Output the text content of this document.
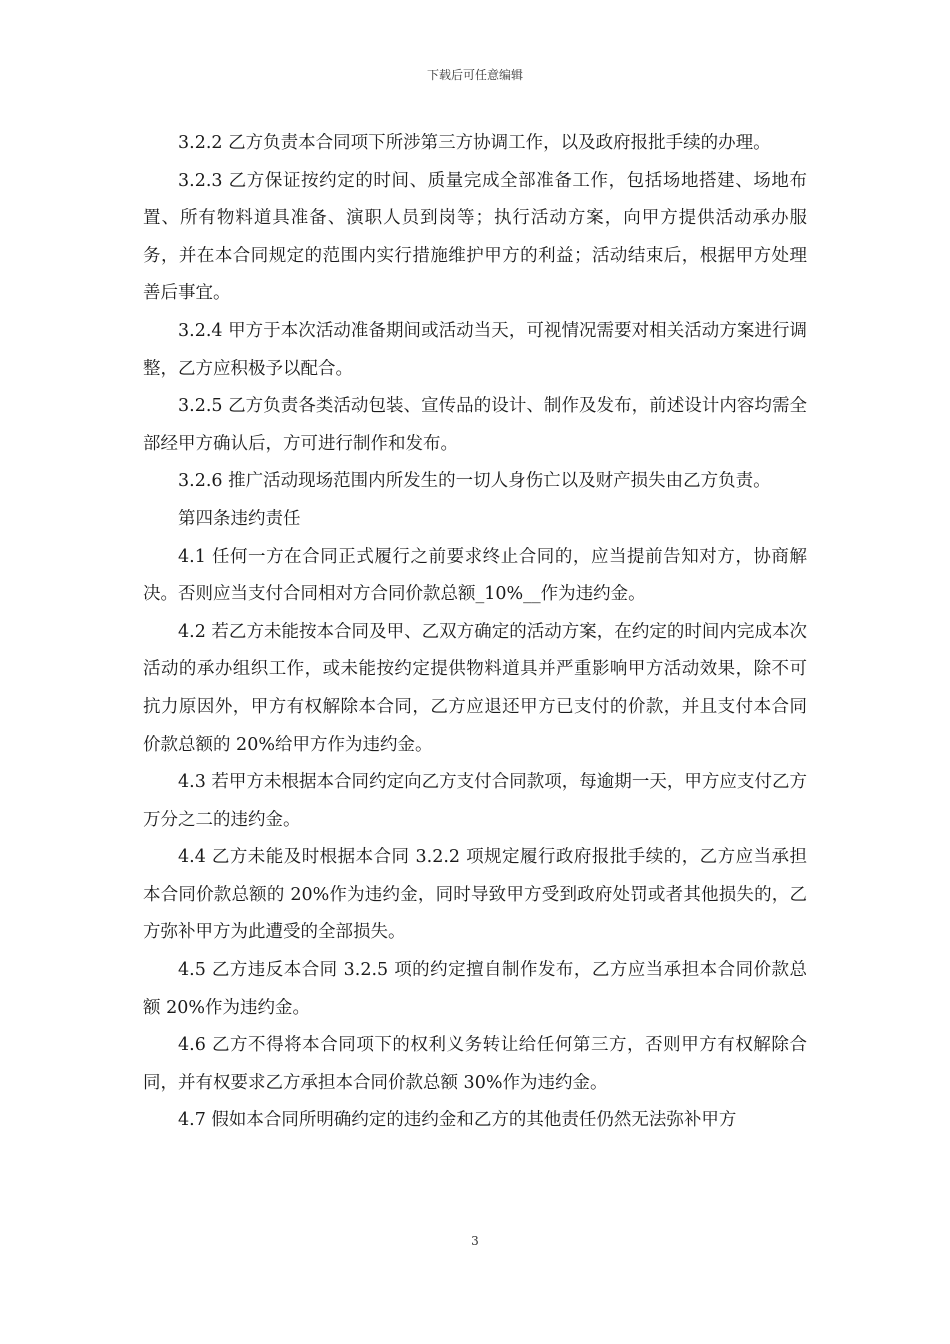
下载后可任意编辑

3.2.2 乙方负责本合同项下所涉第三方协调工作，以及政府报批手续的办理。

3.2.3 乙方保证按约定的时间、质量完成全部准备工作，包括场地搭建、场地布置、所有物料道具准备、演职人员到岗等；执行活动方案，向甲方提供活动承办服务，并在本合同规定的范围内实行措施维护甲方的利益；活动结束后，根据甲方处理善后事宜。

3.2.4 甲方于本次活动准备期间或活动当天，可视情况需要对相关活动方案进行调整，乙方应积极予以配合。

3.2.5 乙方负责各类活动包装、宣传品的设计、制作及发布，前述设计内容均需全部经甲方确认后，方可进行制作和发布。

3.2.6 推广活动现场范围内所发生的一切人身伤亡以及财产损失由乙方负责。

第四条违约责任

4.1 任何一方在合同正式履行之前要求终止合同的，应当提前告知对方，协商解决。否则应当支付合同相对方合同价款总额_10%__作为违约金。

4.2 若乙方未能按本合同及甲、乙双方确定的活动方案，在约定的时间内完成本次活动的承办组织工作，或未能按约定提供物料道具并严重影响甲方活动效果，除不可抗力原因外，甲方有权解除本合同，乙方应退还甲方已支付的价款，并且支付本合同价款总额的 20%给甲方作为违约金。

4.3 若甲方未根据本合同约定向乙方支付合同款项，每逾期一天，甲方应支付乙方万分之二的违约金。

4.4 乙方未能及时根据本合同 3.2.2 项规定履行政府报批手续的，乙方应当承担本合同价款总额的 20%作为违约金，同时导致甲方受到政府处罚或者其他损失的，乙方弥补甲方为此遭受的全部损失。

4.5 乙方违反本合同 3.2.5 项的约定擅自制作发布，乙方应当承担本合同价款总额 20%作为违约金。

4.6 乙方不得将本合同项下的权利义务转让给任何第三方，否则甲方有权解除合同，并有权要求乙方承担本合同价款总额 30%作为违约金。

4.7 假如本合同所明确约定的违约金和乙方的其他责任仍然无法弥补甲方

3
